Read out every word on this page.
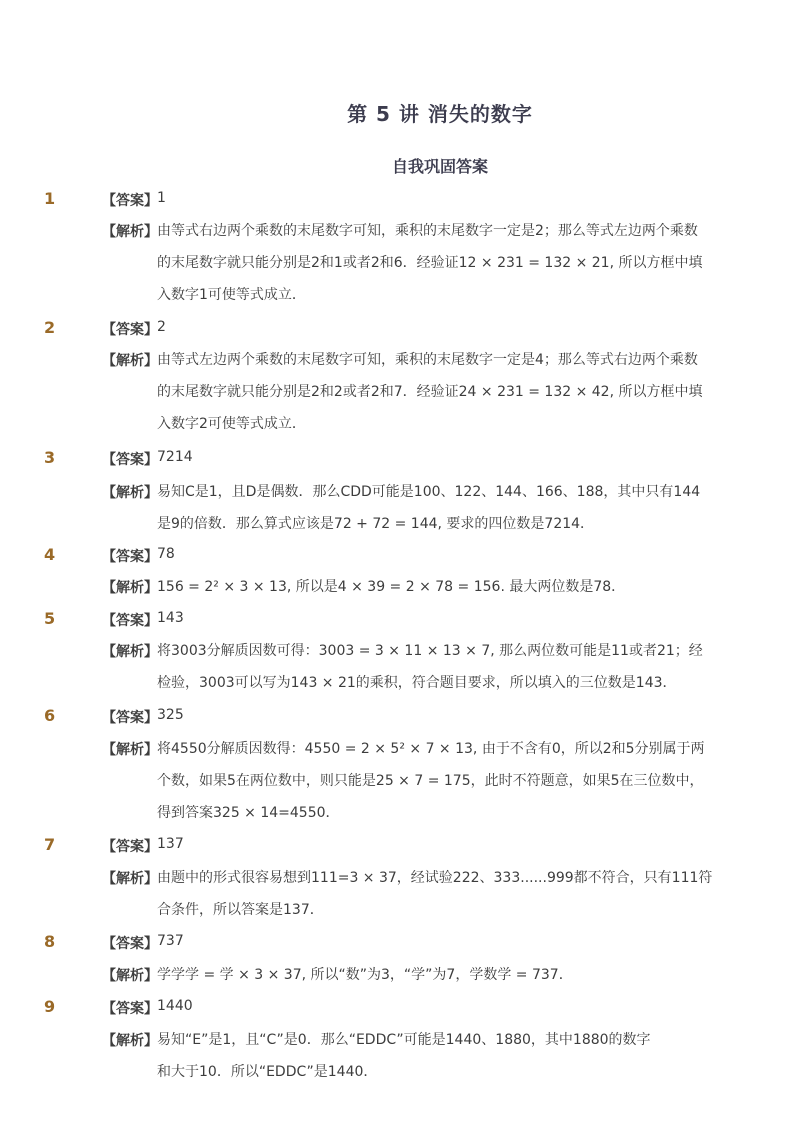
第 5 讲 消失的数字
自我巩固答案
1	【答案】 1
【解析】 由等式右边两个乘数的末尾数字可知，乘积的末尾数字一定是2；那么等式左边两个乘数
的末尾数字就只能分别是2和1或者2和6．经验证12 × 231 = 132 × 21, 所以方框中填
入数字1可使等式成立．
2	【答案】 2
【解析】 由等式左边两个乘数的末尾数字可知，乘积的末尾数字一定是4；那么等式右边两个乘数
的末尾数字就只能分别是2和2或者2和7．经验证24 × 231 = 132 × 42, 所以方框中填
入数字2可使等式成立．
3	【答案】 7214
【解析】 易知C是1，且D是偶数．那么CDD可能是100、122、144、166、188，其中只有144
是9的倍数．那么算式应该是72 + 72 = 144, 要求的四位数是7214．
4	【答案】 78
【解析】 156 = 2² × 3 × 13, 所以是4 × 39 = 2 × 78 = 156. 最大两位数是78．
5	【答案】 143
【解析】 将3003分解质因数可得：3003 = 3 × 11 × 13 × 7, 那么两位数可能是11或者21；经
检验，3003可以写为143 × 21的乘积，符合题目要求，所以填入的三位数是143．
6	【答案】 325
【解析】 将4550分解质因数得：4550 = 2 × 5² × 7 × 13, 由于不含有0，所以2和5分别属于两
个数，如果5在两位数中，则只能是25 × 7 = 175，此时不符题意，如果5在三位数中，
得到答案325 × 14=4550．
7	【答案】 137
【解析】 由题中的形式很容易想到111=3 × 37，经试验222、333......999都不符合，只有111符
合条件，所以答案是137．
8	【答案】 737
【解析】 学学学 = 学 × 3 × 37, 所以“数”为3，“学”为7，学数学 = 737．
9	【答案】 1440
【解析】 易知“E”是1，且“C”是0．那么“EDDC”可能是1440、1880，其中1880的数字
和大于10．所以“EDDC”是1440．
